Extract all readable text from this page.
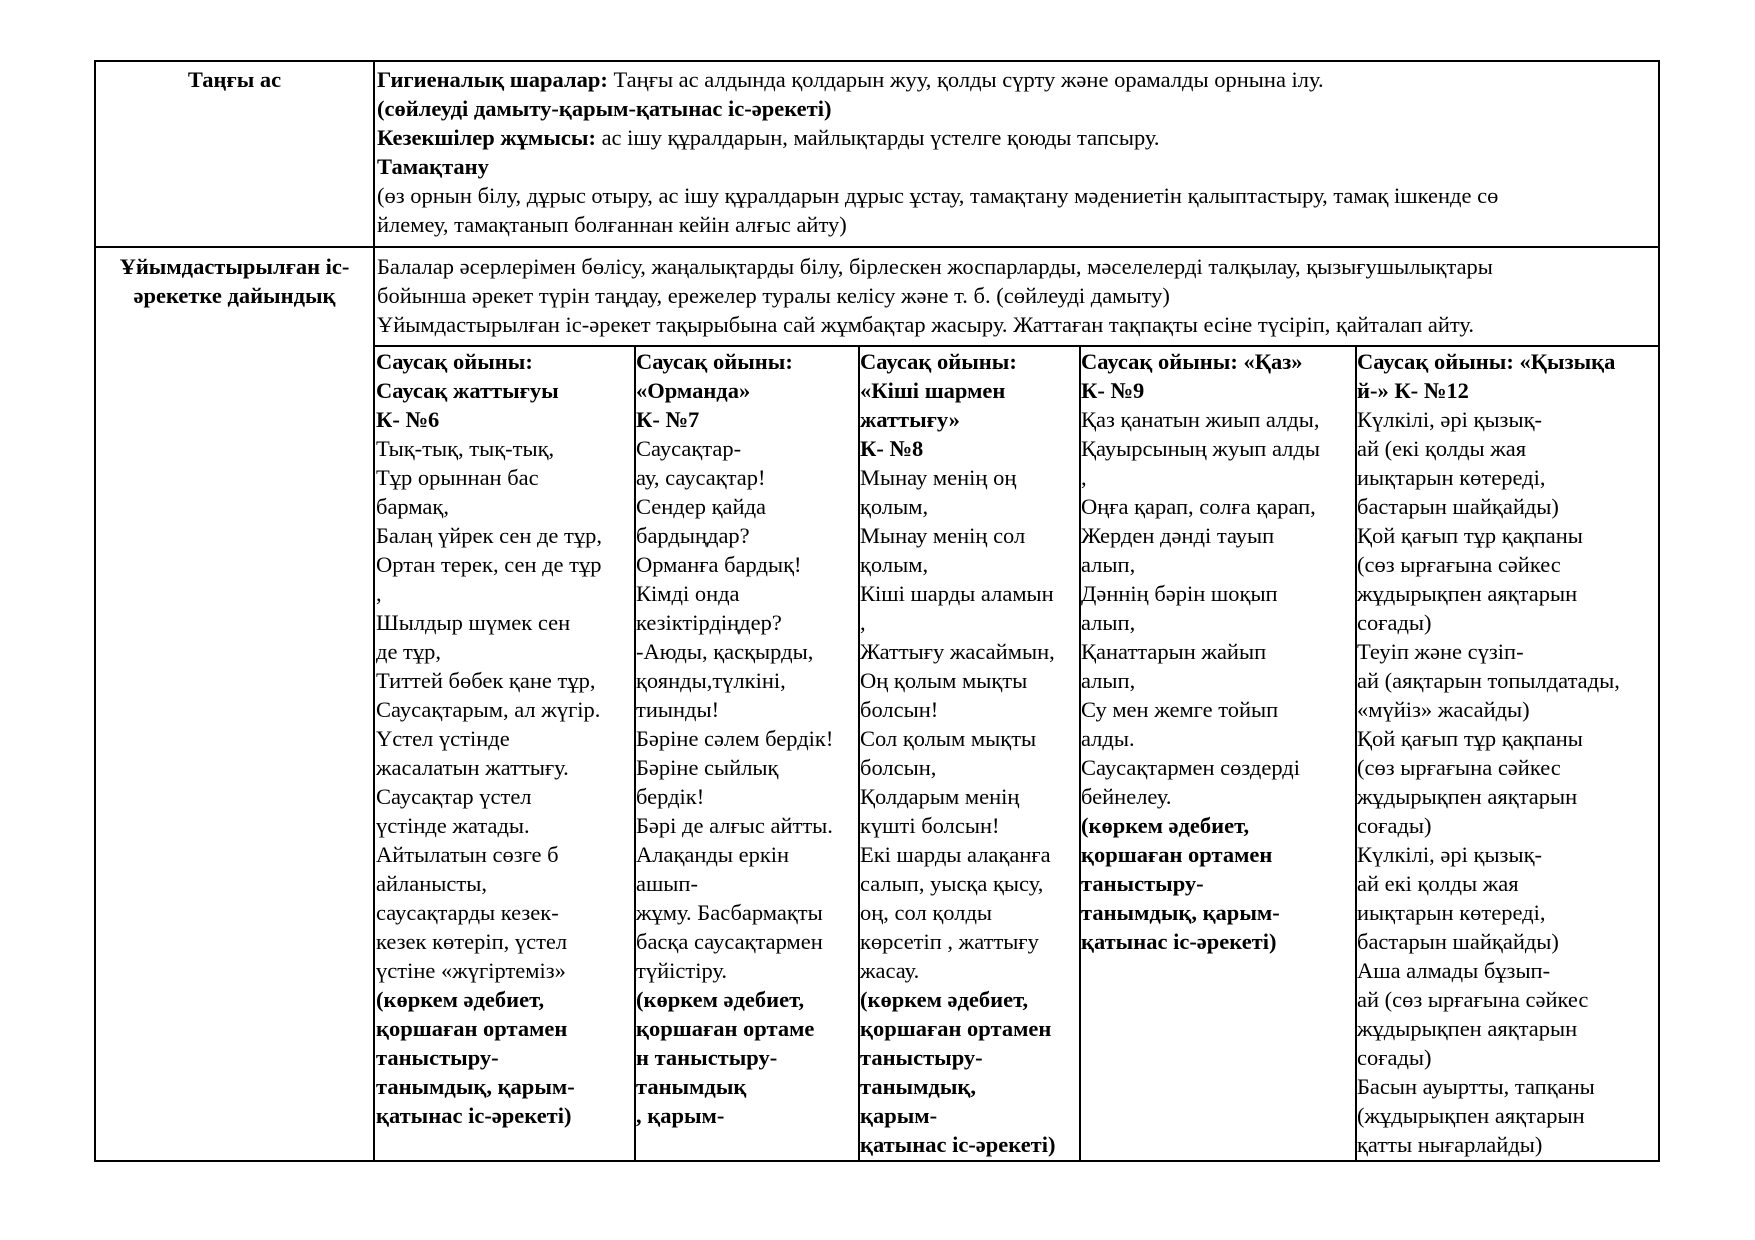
Таңғы ас	Гигиеналық шаралар: Таңғы ас алдында қолдарын жуу, қолды сүрту және орамалды орнына ілу.
(сөйлеуді дамыту-қарым-қатынас іс-әрекеті)
Кезекшілер жұмысы: ас ішу құралдарын, майлықтарды үстелге қоюды тапсыру.
Тамақтану
(өз орнын білу, дұрыс отыру, ас ішу құралдарын дұрыс ұстау, тамақтану мәдениетін қалыптастыру, тамақ ішкенде сө
йлемеу, тамақтанып болғаннан кейін алғыс айту)
Ұйымдастырылған іс-
әрекетке дайындық
Балалар әсерлерімен бөлісу, жаңалықтарды білу, бірлескен жоспарларды, мәселелерді талқылау, қызығушылықтары
бойынша әрекет түрін таңдау, ережелер туралы келісу және т. б. (сөйлеуді дамыту)
Ұйымдастырылған іс-әрекет тақырыбына сай жұмбақтар жасыру. Жаттаған тақпақты есіне түсіріп, қайталап айту.
Саусақ ойыны:
Саусақ жаттығуы
К- №6
Тық-тық, тық-тық,
Тұр орыннан бас
бармақ,
Балаң үйрек сен де тұр,
Ортан терек, сен де тұр
,
Шылдыр шүмек сен
де тұр,
Титтей бөбек қане тұр,
Саусақтарым, ал жүгір.
Үстел үстінде
жасалатын жаттығу.
Саусақтар үстел
үстінде жатады.
Айтылатын сөзге б
айланысты,
саусақтарды кезек-
кезек көтеріп, үстел
үстіне «жүгіртеміз»
(көркем әдебиет,
қоршаған ортамен
таныстыру-
танымдық, қарым-
қатынас іс-әрекеті)
Саусақ ойыны:
«Орманда»
К- №7
Саусақтар-
ау, саусақтар!
Сендер қайда
бардыңдар?
Орманға бардық!
Кімді онда
кезіктірдіңдер?
-Аюды, қасқырды,
қоянды,түлкіні,
тиынды!
Бәріне сәлем бердік!
Бәріне сыйлық
бердік!
Бәрі де алғыс айтты.
Алақанды еркін
ашып-
жұму. Басбармақты
басқа саусақтармен
түйістіру.
(көркем әдебиет,
қоршаған ортаме
н таныстыру-
танымдық
, қарым-
Саусақ ойыны:
«Кіші шармен
жаттығу»
К- №8
Мынау менің оң
қолым,
Мынау менің сол
қолым,
Кіші шарды аламын
,
Жаттығу жасаймын,
Оң қолым мықты
болсын!
Сол қолым мықты
болсын,
Қолдарым менің
күшті болсын!
Екі шарды алақанға
салып, уысқа қысу,
оң, сол қолды
көрсетіп , жаттығу
жасау.
(көркем әдебиет,
қоршаған ортамен
таныстыру-
танымдық,
қарым-
қатынас іс-әрекеті)
Саусақ ойыны: «Қаз»
К- №9
Қаз қанатын жиып алды,
Қауырсының жуып алды
,
Оңға қарап, солға қарап,
Жерден дәнді тауып
алып,
Дәннің бәрін шоқып
алып,
Қанаттарын жайып
алып,
Су мен жемге тойып
алды.
Саусақтармен сөздерді
бейнелеу.
(көркем әдебиет,
қоршаған ортамен
таныстыру-
танымдық, қарым-
қатынас іс-әрекеті)
Саусақ ойыны: «Қызықа
й-» К- №12
Күлкілі, әрі қызық-
ай (екі қолды жая
иықтарын көтереді,
бастарын шайқайды)
Қой қағып тұр қақпаны
(сөз ырғағына сәйкес
жұдырықпен аяқтарын
соғады)
Теуіп және сүзіп-
ай (аяқтарын топылдатады,
«мүйіз» жасайды)
Қой қағып тұр қақпаны
(сөз ырғағына сәйкес
жұдырықпен аяқтарын
соғады)
Күлкілі, әрі қызық-
ай екі қолды жая
иықтарын көтереді,
бастарын шайқайды)
Аша алмады бұзып-
ай (сөз ырғағына сәйкес
жұдырықпен аяқтарын
соғады)
Басын ауыртты, тапқаны
(жұдырықпен аяқтарын
қатты нығарлайды)
